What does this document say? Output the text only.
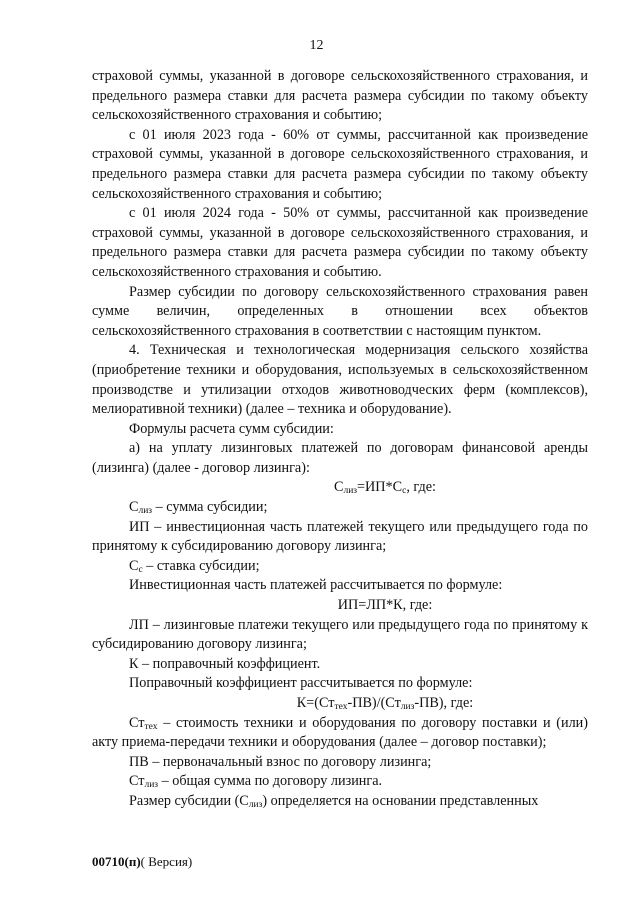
12

страховой суммы, указанной в договоре сельскохозяйственного страхования, и предельного размера ставки для расчета размера субсидии по такому объекту сельскохозяйственного страхования и событию;

с 01 июля 2023 года - 60% от суммы, рассчитанной как произведение страховой суммы, указанной в договоре сельскохозяйственного страхования, и предельного размера ставки для расчета размера субсидии по такому объекту сельскохозяйственного страхования и событию;

с 01 июля 2024 года - 50% от суммы, рассчитанной как произведение страховой суммы, указанной в договоре сельскохозяйственного страхования, и предельного размера ставки для расчета размера субсидии по такому объекту сельскохозяйственного страхования и событию.

Размер субсидии по договору сельскохозяйственного страхования равен сумме величин, определенных в отношении всех объектов сельскохозяйственного страхования в соответствии с настоящим пунктом.

4. Техническая и технологическая модернизация сельского хозяйства (приобретение техники и оборудования, используемых в сельскохозяйственном производстве и утилизации отходов животноводческих ферм (комплексов), мелиоративной техники) (далее – техника и оборудование).

Формулы расчета сумм субсидии:

а) на уплату лизинговых платежей по договорам финансовой аренды (лизинга) (далее - договор лизинга):

$С_{лиз}=ИП*С_с$, где:

$С_{лиз}$ – сумма субсидии;

ИП – инвестиционная часть платежей текущего или предыдущего года по принятому к субсидированию договору лизинга;

$С_с$ – ставка субсидии;

Инвестиционная часть платежей рассчитывается по формуле:

ИП=ЛП*К, где:

ЛП – лизинговые платежи текущего или предыдущего года по принятому к субсидированию договору лизинга;

К – поправочный коэффициент.

Поправочный коэффициент рассчитывается по формуле:

$К=(Ст_{тех}-ПВ)/(Ст_{лиз}-ПВ)$, где:

$Ст_{тех}$ – стоимость техники и оборудования по договору поставки и (или) акту приема-передачи техники и оборудования (далее – договор поставки);

ПВ – первоначальный взнос по договору лизинга;

$Ст_{лиз}$ – общая сумма по договору лизинга.

Размер субсидии $(С_{лиз})$ определяется на основании представленных

00710(п)( Версия)
